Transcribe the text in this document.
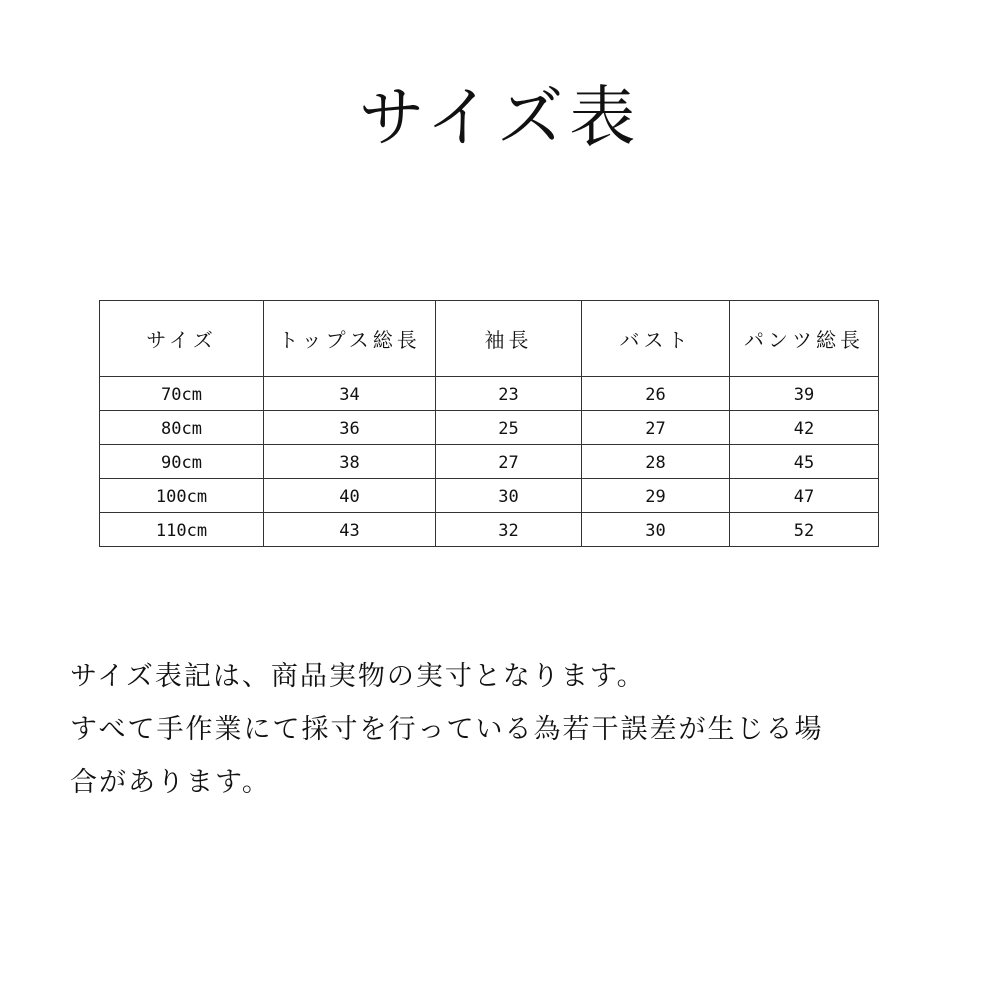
サイズ表
サイズ	トップス総長	袖長	バスト	パンツ総長
70cm	34	23	26	39
80cm	36	25	27	42
90cm	38	27	28	45
100cm	40	30	29	47
110cm	43	32	30	52
サイズ表記は、商品実物の実寸となります。
すべて手作業にて採寸を行っている為若干誤差が生じる場
合があります。
